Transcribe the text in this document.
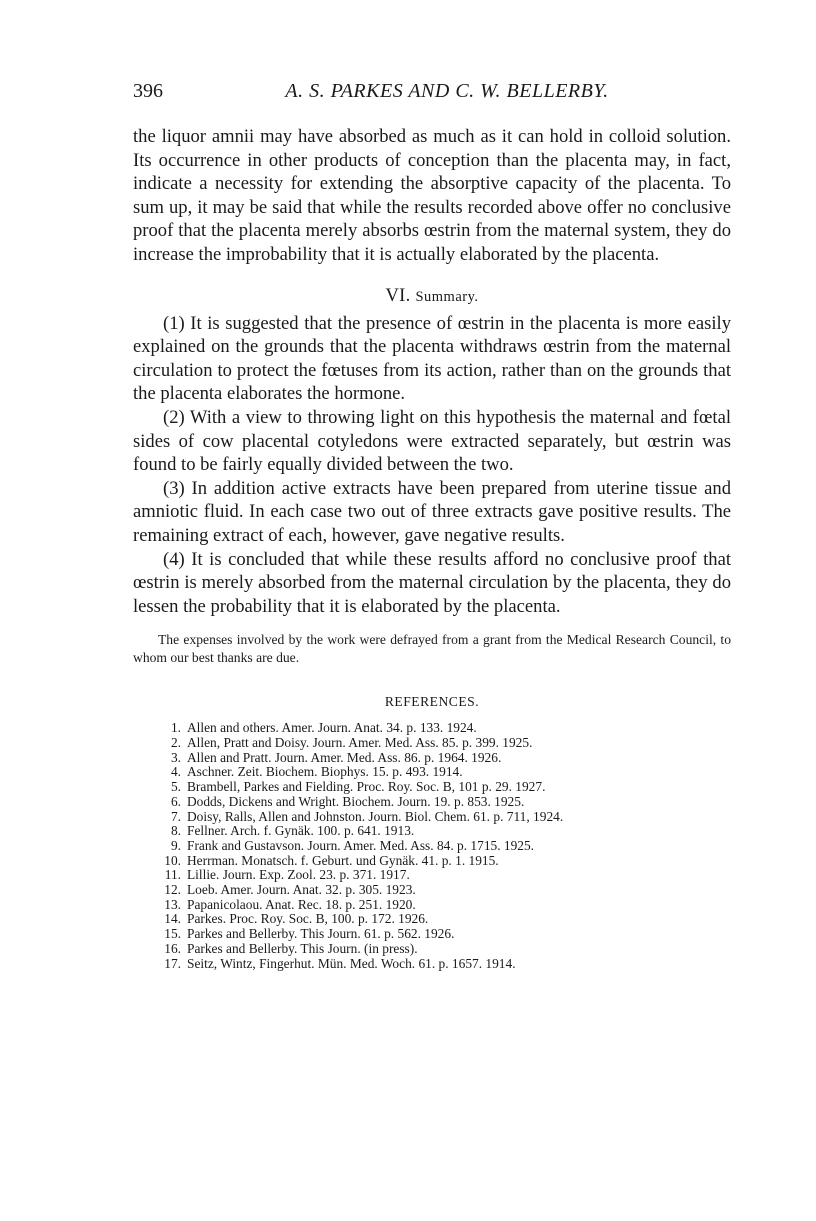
396	A. S. PARKES AND C. W. BELLERBY.

the liquor amnii may have absorbed as much as it can hold in colloid solution. Its occurrence in other products of conception than the placenta may, in fact, indicate a necessity for extending the absorptive capacity of the placenta. To sum up, it may be said that while the results recorded above offer no conclusive proof that the placenta merely absorbs œstrin from the maternal system, they do increase the improbability that it is actually elaborated by the placenta.

VI. Summary.

(1) It is suggested that the presence of œstrin in the placenta is more easily explained on the grounds that the placenta withdraws œstrin from the maternal circulation to protect the fœtuses from its action, rather than on the grounds that the placenta elaborates the hormone.

(2) With a view to throwing light on this hypothesis the maternal and fœtal sides of cow placental cotyledons were extracted separately, but œstrin was found to be fairly equally divided between the two.

(3) In addition active extracts have been prepared from uterine tissue and amniotic fluid. In each case two out of three extracts gave positive results. The remaining extract of each, however, gave negative results.

(4) It is concluded that while these results afford no conclusive proof that œstrin is merely absorbed from the maternal circulation by the placenta, they do lessen the probability that it is elaborated by the placenta.

The expenses involved by the work were defrayed from a grant from the Medical Research Council, to whom our best thanks are due.

REFERENCES.
1. Allen and others. Amer. Journ. Anat. 34. p. 133. 1924.
2. Allen, Pratt and Doisy. Journ. Amer. Med. Ass. 85. p. 399. 1925.
3. Allen and Pratt. Journ. Amer. Med. Ass. 86. p. 1964. 1926.
4. Aschner. Zeit. Biochem. Biophys. 15. p. 493. 1914.
5. Brambell, Parkes and Fielding. Proc. Roy. Soc. B, 101 p. 29. 1927.
6. Dodds, Dickens and Wright. Biochem. Journ. 19. p. 853. 1925.
7. Doisy, Ralls, Allen and Johnston. Journ. Biol. Chem. 61. p. 711, 1924.
8. Fellner. Arch. f. Gynäk. 100. p. 641. 1913.
9. Frank and Gustavson. Journ. Amer. Med. Ass. 84. p. 1715. 1925.
10. Herrman. Monatsch. f. Geburt. und Gynäk. 41. p. 1. 1915.
11. Lillie. Journ. Exp. Zool. 23. p. 371. 1917.
12. Loeb. Amer. Journ. Anat. 32. p. 305. 1923.
13. Papanicolaou. Anat. Rec. 18. p. 251. 1920.
14. Parkes. Proc. Roy. Soc. B, 100. p. 172. 1926.
15. Parkes and Bellerby. This Journ. 61. p. 562. 1926.
16. Parkes and Bellerby. This Journ. (in press).
17. Seitz, Wintz, Fingerhut. Mün. Med. Woch. 61. p. 1657. 1914.
